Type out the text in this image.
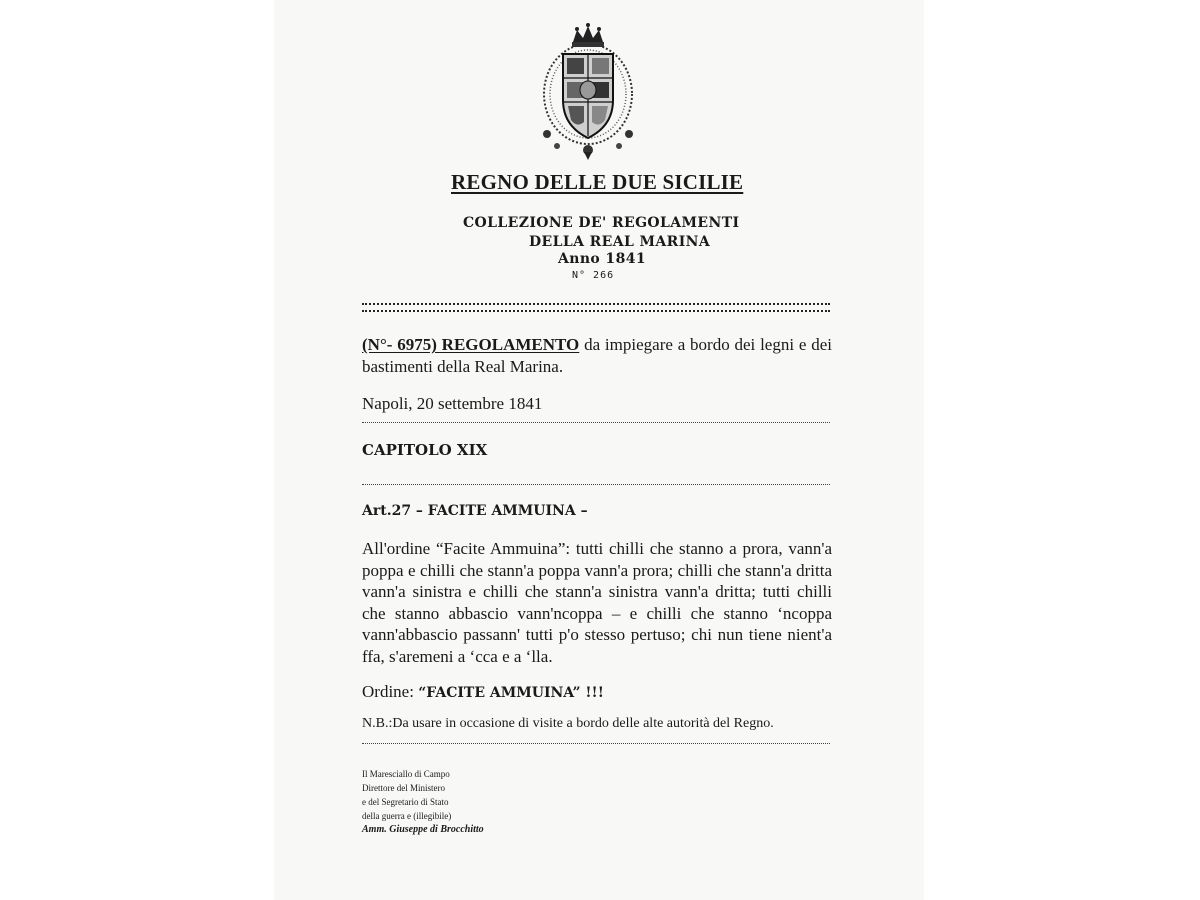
REGNO DELLE DUE SICILIE
COLLEZIONE DE' REGOLAMENTI
DELLA REAL MARINA
Anno 1841
N° 266
(N°- 6975) REGOLAMENTO da impiegare a bordo dei legni e dei bastimenti della Real Marina.
Napoli, 20 settembre 1841
CAPITOLO XIX
Art.27 – FACITE AMMUINA –
All'ordine “Facite Ammuina”: tutti chilli che stanno a prora, vann'a poppa e chilli che stann'a poppa vann'a prora; chilli che stann'a dritta vann'a sinistra e chilli che stann'a sinistra vann'a dritta; tutti chilli che stanno abbascio vann'ncoppa – e chilli che stanno ‘ncoppa vann'abbascio passann' tutti p'o stesso pertuso; chi nun tiene nient'a ffa, s'aremeni a ‘cca e a ‘lla.
Ordine: “FACITE AMMUINA” !!!
N.B.:Da usare in occasione di visite a bordo delle alte autorità del Regno.
Il Maresciallo di Campo
Direttore del Ministero
e del Segretario di Stato
della guerra e (illegibile)
Amm. Giuseppe di Brocchitto
